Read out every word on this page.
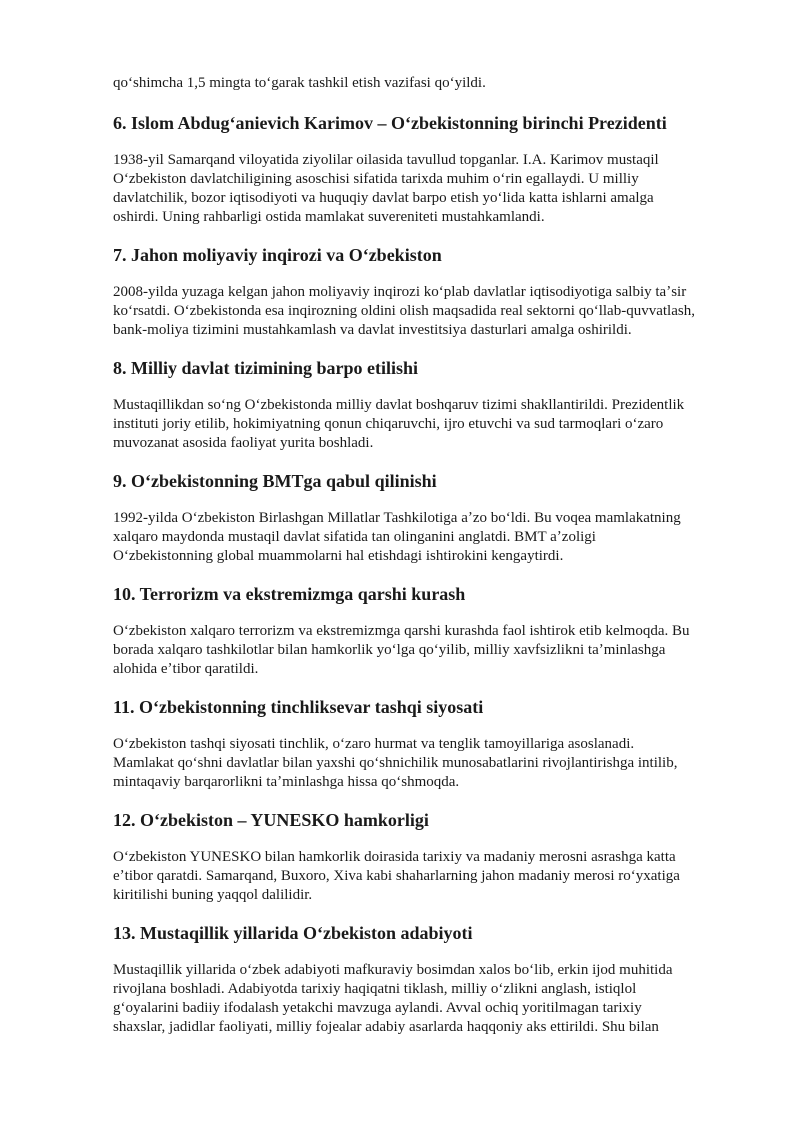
qoʻshimcha 1,5 mingta toʻgarak tashkil etish vazifasi qoʻyildi.

6. Islom Abdugʻanievich Karimov – Oʻzbekistonning birinchi Prezidenti

1938-yil Samarqand viloyatida ziyolilar oilasida tavullud topganlar. I.A. Karimov mustaqil
Oʻzbekiston davlatchiligining asoschisi sifatida tarixda muhim oʻrin egallaydi. U milliy
davlatchilik, bozor iqtisodiyoti va huquqiy davlat barpo etish yoʻlida katta ishlarni amalga
oshirdi. Uning rahbarligi ostida mamlakat suvereniteti mustahkamlandi.

7. Jahon moliyaviy inqirozi va Oʻzbekiston

2008-yilda yuzaga kelgan jahon moliyaviy inqirozi koʻplab davlatlar iqtisodiyotiga salbiy taʼsir
koʻrsatdi. Oʻzbekistonda esa inqirozning oldini olish maqsadida real sektorni qoʻllab-quvvatlash,
bank-moliya tizimini mustahkamlash va davlat investitsiya dasturlari amalga oshirildi.

8. Milliy davlat tizimining barpo etilishi

Mustaqillikdan soʻng Oʻzbekistonda milliy davlat boshqaruv tizimi shakllantirildi. Prezidentlik
instituti joriy etilib, hokimiyatning qonun chiqaruvchi, ijro etuvchi va sud tarmoqlari oʻzaro
muvozanat asosida faoliyat yurita boshladi.

9. Oʻzbekistonning BMTga qabul qilinishi

1992-yilda Oʻzbekiston Birlashgan Millatlar Tashkilotiga aʼzo boʻldi. Bu voqea mamlakatning
xalqaro maydonda mustaqil davlat sifatida tan olinganini anglatdi. BMT aʼzoligi
Oʻzbekistonning global muammolarni hal etishdagi ishtirokini kengaytirdi.

10. Terrorizm va ekstremizmga qarshi kurash

Oʻzbekiston xalqaro terrorizm va ekstremizmga qarshi kurashda faol ishtirok etib kelmoqda. Bu
borada xalqaro tashkilotlar bilan hamkorlik yoʻlga qoʻyilib, milliy xavfsizlikni taʼminlashga
alohida eʼtibor qaratildi.

11. Oʻzbekistonning tinchliksevar tashqi siyosati

Oʻzbekiston tashqi siyosati tinchlik, oʻzaro hurmat va tenglik tamoyillariga asoslanadi.
Mamlakat qoʻshni davlatlar bilan yaxshi qoʻshnichilik munosabatlarini rivojlantirishga intilib,
mintaqaviy barqarorlikni taʼminlashga hissa qoʻshmoqda.

12. Oʻzbekiston – YUNESKO hamkorligi

Oʻzbekiston YUNESKO bilan hamkorlik doirasida tarixiy va madaniy merosni asrashga katta
eʼtibor qaratdi. Samarqand, Buxoro, Xiva kabi shaharlarning jahon madaniy merosi roʻyxatiga
kiritilishi buning yaqqol dalilidir.

13. Mustaqillik yillarida Oʻzbekiston adabiyoti

Mustaqillik yillarida oʻzbek adabiyoti mafkuraviy bosimdan xalos boʻlib, erkin ijod muhitida
rivojlana boshladi. Adabiyotda tarixiy haqiqatni tiklash, milliy oʻzlikni anglash, istiqlol
gʻoyalarini badiiy ifodalash yetakchi mavzuga aylandi. Avval ochiq yoritilmagan tarixiy
shaxslar, jadidlar faoliyati, milliy fojealar adabiy asarlarda haqqoniy aks ettirildi. Shu bilan
